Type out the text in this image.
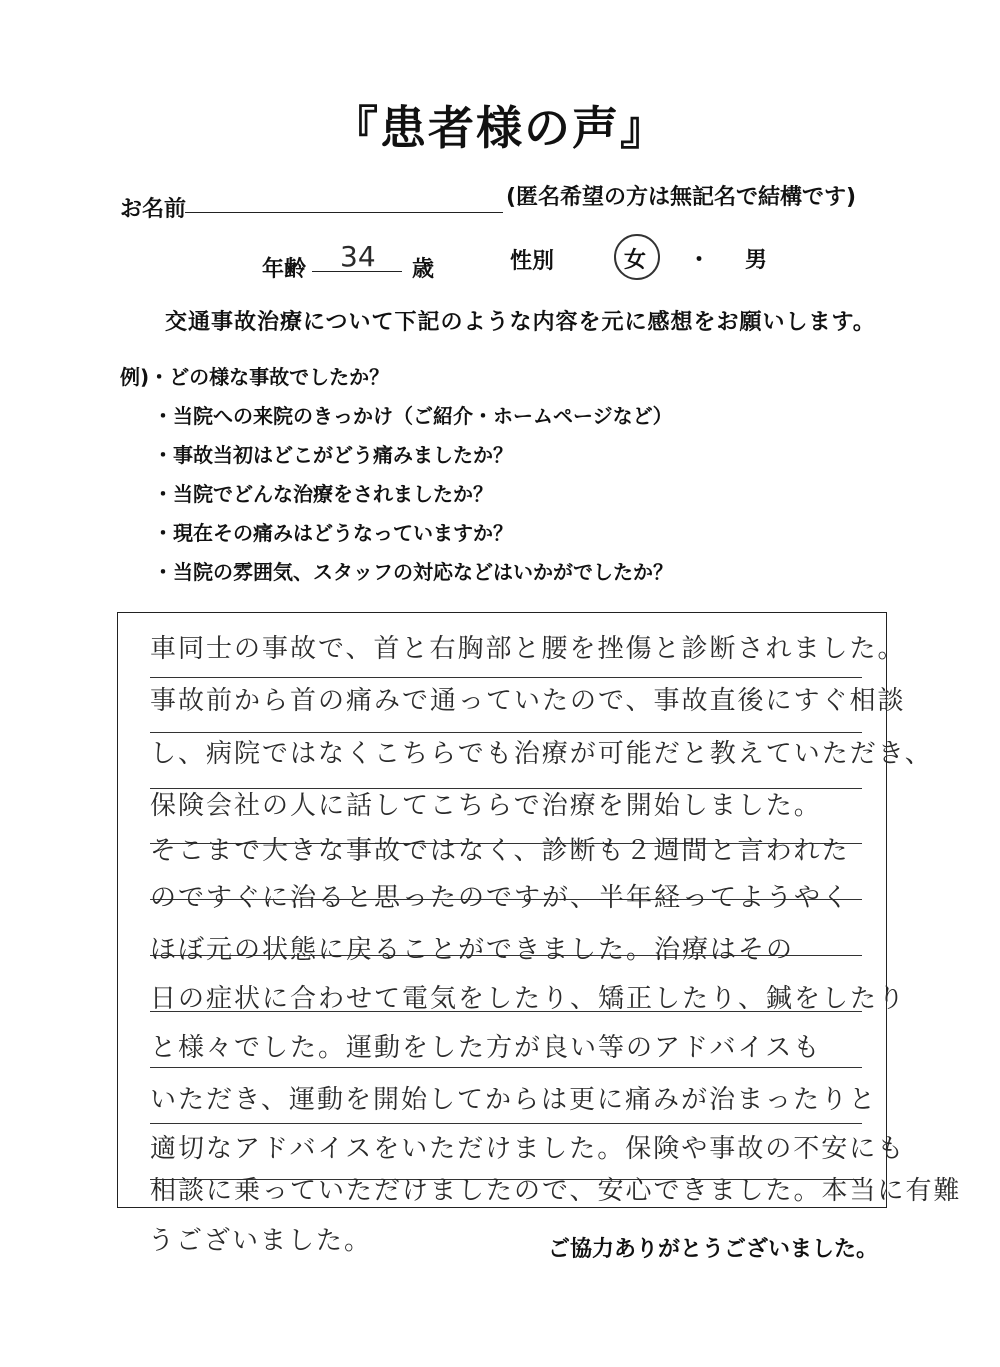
『患者様の声』
お名前	(匿名希望の方は無記名で結構です)
年齢 34 歳	性別	女 ・ 男
交通事故治療について下記のような内容を元に感想をお願いします。
例)・どの様な事故でしたか？
・当院への来院のきっかけ（ご紹介・ホームページなど）
・事故当初はどこがどう痛みましたか？
・当院でどんな治療をされましたか？
・現在その痛みはどうなっていますか？
・当院の雰囲気、スタッフの対応などはいかがでしたか？
車同士の事故で、首と右胸部と腰を挫傷と診断されました。
事故前から首の痛みで通っていたので、事故直後にすぐ相談
し、病院ではなくこちらでも治療が可能だと教えていただき、
保険会社の人に話してこちらで治療を開始しました。
そこまで大きな事故ではなく、診断も２週間と言われた
のですぐに治ると思ったのですが、半年経ってようやく
ほぼ元の状態に戻ることができました。治療はその
日の症状に合わせて電気をしたり、矯正したり、鍼をしたり
と様々でした。運動をした方が良い等のアドバイスも
いただき、運動を開始してからは更に痛みが治まったりと
適切なアドバイスをいただけました。保険や事故の不安にも
相談に乗っていただけましたので、安心できました。本当に有難
うございました。	ご協力ありがとうございました。
